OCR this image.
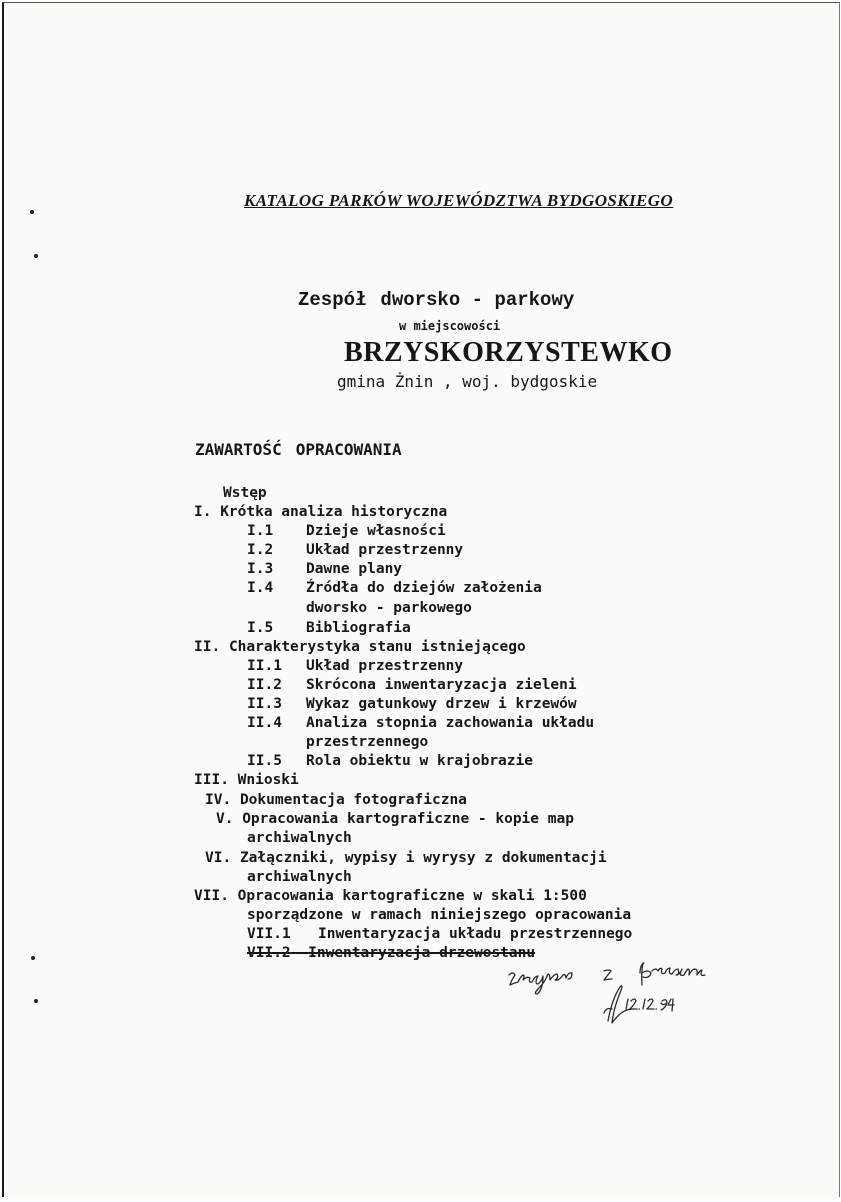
KATALOG PARKÓW WOJEWÓDZTWA BYDGOSKIEGO
Zespół dworsko - parkowy
w miejscowości
BRZYSKORZYSTEWKO
gmina Żnin , woj. bydgoskie
ZAWARTOŚĆ OPRACOWANIA
Wstęp
I. Krótka analiza historyczna
I.1 Dzieje własności
I.2 Układ przestrzenny
I.3 Dawne plany
I.4 Źródła do dziejów założenia
dworsko - parkowego
I.5 Bibliografia
II. Charakterystyka stanu istniejącego
II.1 Układ przestrzenny
II.2 Skrócona inwentaryzacja zieleni
II.3 Wykaz gatunkowy drzew i krzewów
II.4 Analiza stopnia zachowania układu
przestrzennego
II.5 Rola obiektu w krajobrazie
III. Wnioski
IV. Dokumentacja fotograficzna
V. Opracowania kartograficzne - kopie map
archiwalnych
VI. Załączniki, wypisy i wyrysy z dokumentacji
archiwalnych
VII. Opracowania kartograficzne w skali 1:500
sporządzone w ramach niniejszego opracowania
VII.1 Inwentaryzacja układu przestrzennego
VII.2 Inwentaryzacja drzewostanu
